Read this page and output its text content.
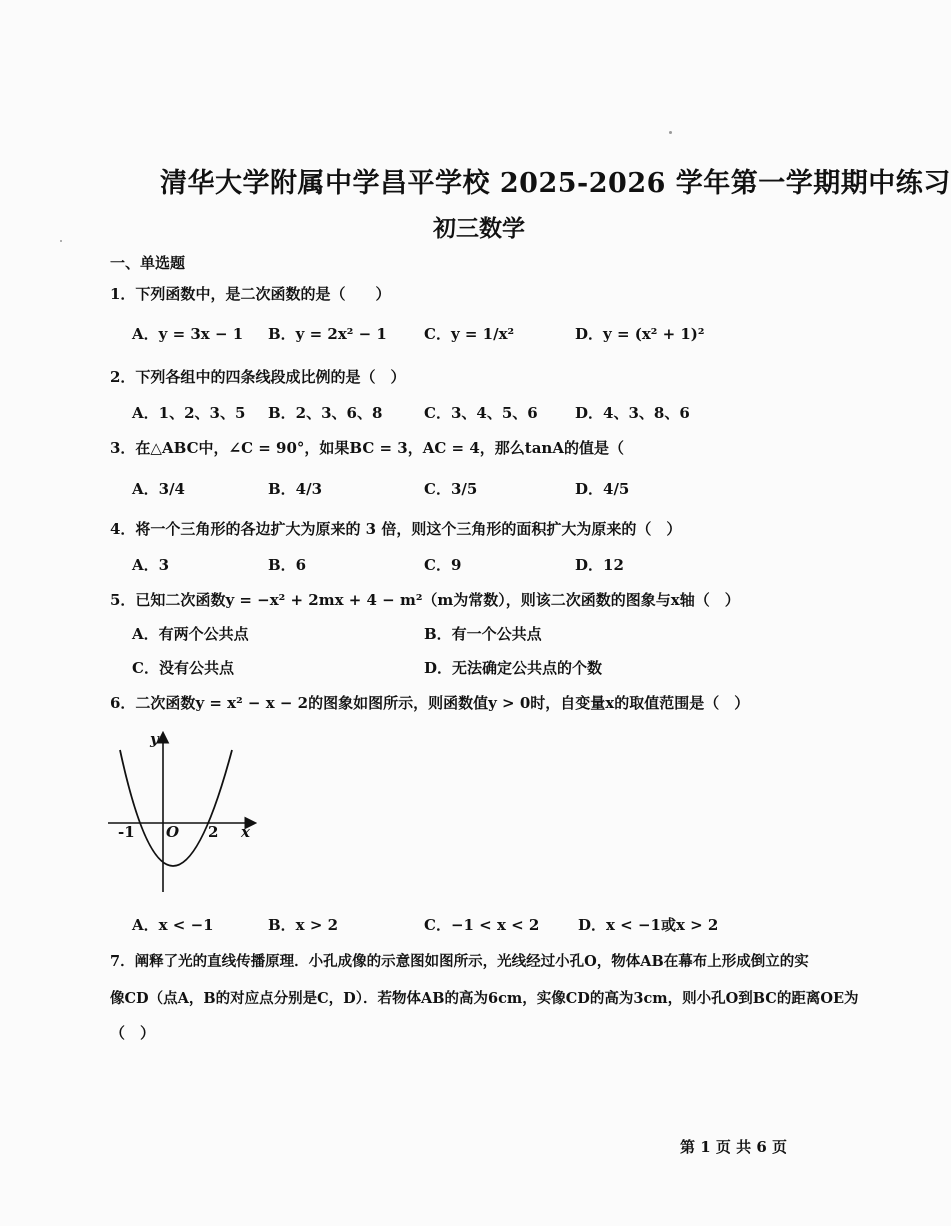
清华大学附属中学昌平学校 2025-2026 学年第一学期期中练习
初三数学
一、单选题
1．下列函数中，是二次函数的是（　　）
A．y = 3x − 1 B．y = 2x² − 1 C．y = 1/x²	D．y = (x² + 1)²
2．下列各组中的四条线段成比例的是（　）
A．1、2、3、5 B．2、3、6、8	C．3、4、5、6 D．4、3、8、6
3．在△ABC中，∠C = 90°，如果BC = 3，AC = 4，那么tanA的值是（
A．3/4	B．4/3	C．3/5	D．4/5
4．将一个三角形的各边扩大为原来的 3 倍，则这个三角形的面积扩大为原来的（　）
A．3	B．6	C．9	D．12
5．已知二次函数y = −x² + 2mx + 4 − m²（m为常数），则该二次函数的图象与x轴（　）
A．有两个公共点	B．有一个公共点
C．没有公共点	D．无法确定公共点的个数
6．二次函数y = x² − x − 2的图象如图所示，则函数值y > 0时，自变量x的取值范围是（　）
y
x
O
-1	2
A．x < −1	B．x > 2	C．−1 < x < 2	D．x < −1或x > 2
7．阐释了光的直线传播原理．小孔成像的示意图如图所示，光线经过小孔O，物体AB在幕布上形成倒立的实
像CD（点A，B的对应点分别是C，D）．若物体AB的高为6cm，实像CD的高为3cm，则小孔O到BC的距离OE为
（　）
第 1 页 共 6 页
